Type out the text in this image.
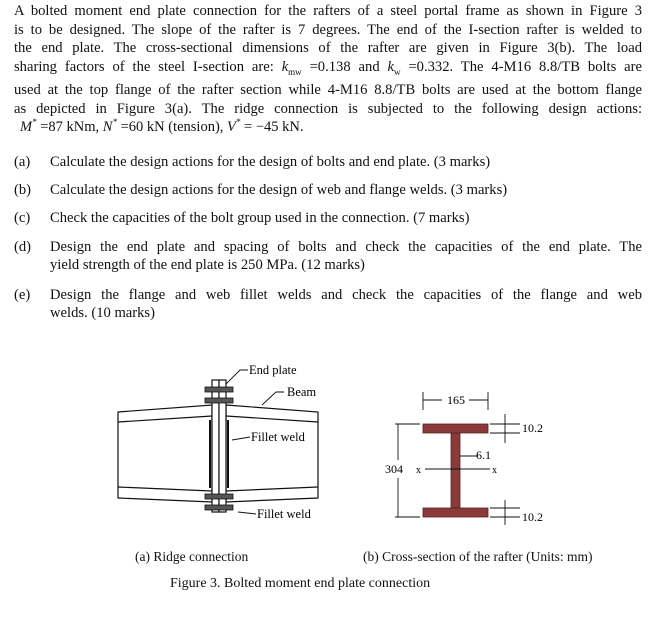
A bolted moment end plate connection for the rafters of a steel portal frame as shown in Figure 3
is to be designed. The slope of the rafter is 7 degrees. The end of the I-section rafter is welded to
the end plate. The cross-sectional dimensions of the rafter are given in Figure 3(b). The load
sharing factors of the steel I-section are: $k_{mw} =0.138$ and $k_w =0.332$. The 4-M16 8.8/TB bolts are
used at the top flange of the rafter section while 4-M16 8.8/TB bolts are used at the bottom flange
as depicted in Figure 3(a). The ridge connection is subjected to the following design actions:
M* =87 kNm, N* =60 kN (tension), V* = −45 kN.
(a) Calculate the design actions for the design of bolts and end plate. (3 marks)
(b) Calculate the design actions for the design of web and flange welds. (3 marks)
(c) Check the capacities of the bolt group used in the connection. (7 marks)
(d) Design the end plate and spacing of bolts and check the capacities of the end plate. The
yield strength of the end plate is 250 MPa. (12 marks)
(e) Design the flange and web fillet welds and check the capacities of the flange and web
welds. (10 marks)
End plate
Beam
Fillet weld
Fillet weld
165
10.2
6.1
304 x	x
10.2
(a) Ridge connection	(b) Cross-section of the rafter (Units: mm)
Figure 3. Bolted moment end plate connection
